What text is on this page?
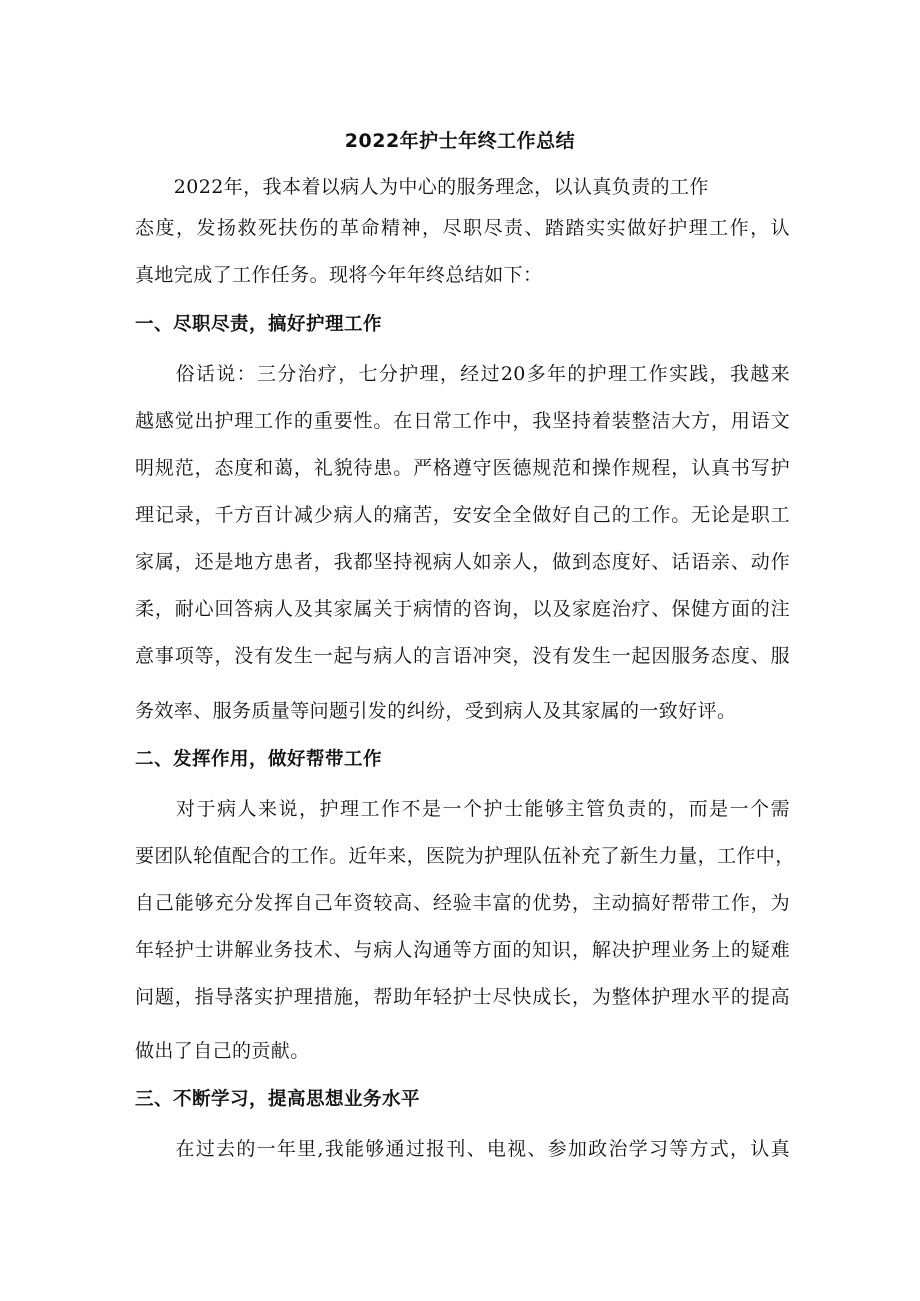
2022年护士年终工作总结
　　2022年，我本着以病人为中心的服务理念，以认真负责的工作
态度，发扬救死扶伤的革命精神，尽职尽责、踏踏实实做好护理工作，认
真地完成了工作任务。现将今年年终总结如下：
一、尽职尽责，搞好护理工作
　　俗话说：三分治疗，七分护理，经过20多年的护理工作实践，我越来
越感觉出护理工作的重要性。在日常工作中，我坚持着装整洁大方，用语文
明规范，态度和蔼，礼貌待患。严格遵守医德规范和操作规程，认真书写护
理记录，千方百计减少病人的痛苦，安安全全做好自己的工作。无论是职工
家属，还是地方患者，我都坚持视病人如亲人，做到态度好、话语亲、动作
柔，耐心回答病人及其家属关于病情的咨询，以及家庭治疗、保健方面的注
意事项等，没有发生一起与病人的言语冲突，没有发生一起因服务态度、服
务效率、服务质量等问题引发的纠纷，受到病人及其家属的一致好评。
二、发挥作用，做好帮带工作
　　对于病人来说，护理工作不是一个护士能够主管负责的，而是一个需
要团队轮值配合的工作。近年来，医院为护理队伍补充了新生力量，工作中，
自己能够充分发挥自己年资较高、经验丰富的优势，主动搞好帮带工作，为
年轻护士讲解业务技术、与病人沟通等方面的知识，解决护理业务上的疑难
问题，指导落实护理措施，帮助年轻护士尽快成长，为整体护理水平的提高
做出了自己的贡献。
三、不断学习，提高思想业务水平
　　在过去的一年里,我能够通过报刊、电视、参加政治学习等方式，认真
